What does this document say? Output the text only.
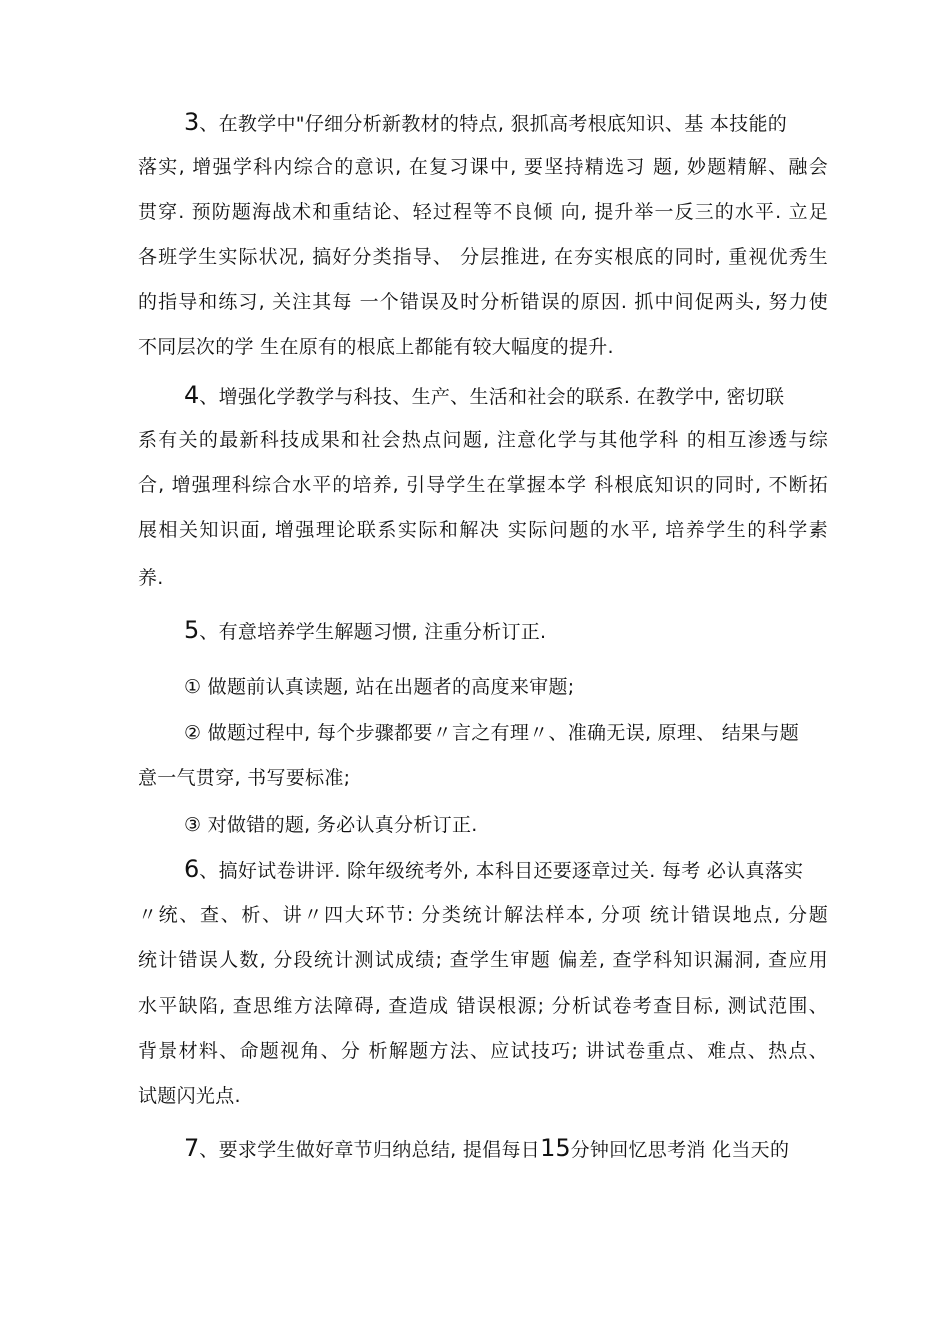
3、在教学中"仔细分析新教材的特点, 狠抓高考根底知识、基 本技能的
落实, 增强学科内综合的意识, 在复习课中, 要坚持精选习 题, 妙题精解、融会
贯穿. 预防题海战术和重结论、轻过程等不良倾 向, 提升举一反三的水平. 立足
各班学生实际状况, 搞好分类指导、 分层推进, 在夯实根底的同时, 重视优秀生
的指导和练习, 关注其每 一个错误及时分析错误的原因. 抓中间促两头, 努力使
不同层次的学 生在原有的根底上都能有较大幅度的提升.
4、增强化学教学与科技、生产、生活和社会的联系. 在教学中, 密切联
系有关的最新科技成果和社会热点问题, 注意化学与其他学科 的相互渗透与综
合, 增强理科综合水平的培养, 引导学生在掌握本学 科根底知识的同时, 不断拓
展相关知识面, 增强理论联系实际和解决 实际问题的水平, 培养学生的科学素
养.
5、有意培养学生解题习惯, 注重分析订正.
① 做题前认真读题, 站在出题者的高度来审题;
② 做题过程中, 每个步骤都要〃言之有理〃、准确无误, 原理、 结果与题
意一气贯穿, 书写要标准;
③ 对做错的题, 务必认真分析订正.
6、搞好试卷讲评. 除年级统考外, 本科目还要逐章过关. 每考 必认真落实
〃统、查、析、讲〃四大环节: 分类统计解法样本, 分项 统计错误地点, 分题
统计错误人数, 分段统计测试成绩; 查学生审题 偏差, 查学科知识漏洞, 查应用
水平缺陷, 查思维方法障碍, 查造成 错误根源; 分析试卷考查目标, 测试范围、
背景材料、命题视角、分 析解题方法、应试技巧; 讲试卷重点、难点、热点、
试题闪光点.
7、要求学生做好章节归纳总结, 提倡每日15分钟回忆思考消 化当天的
